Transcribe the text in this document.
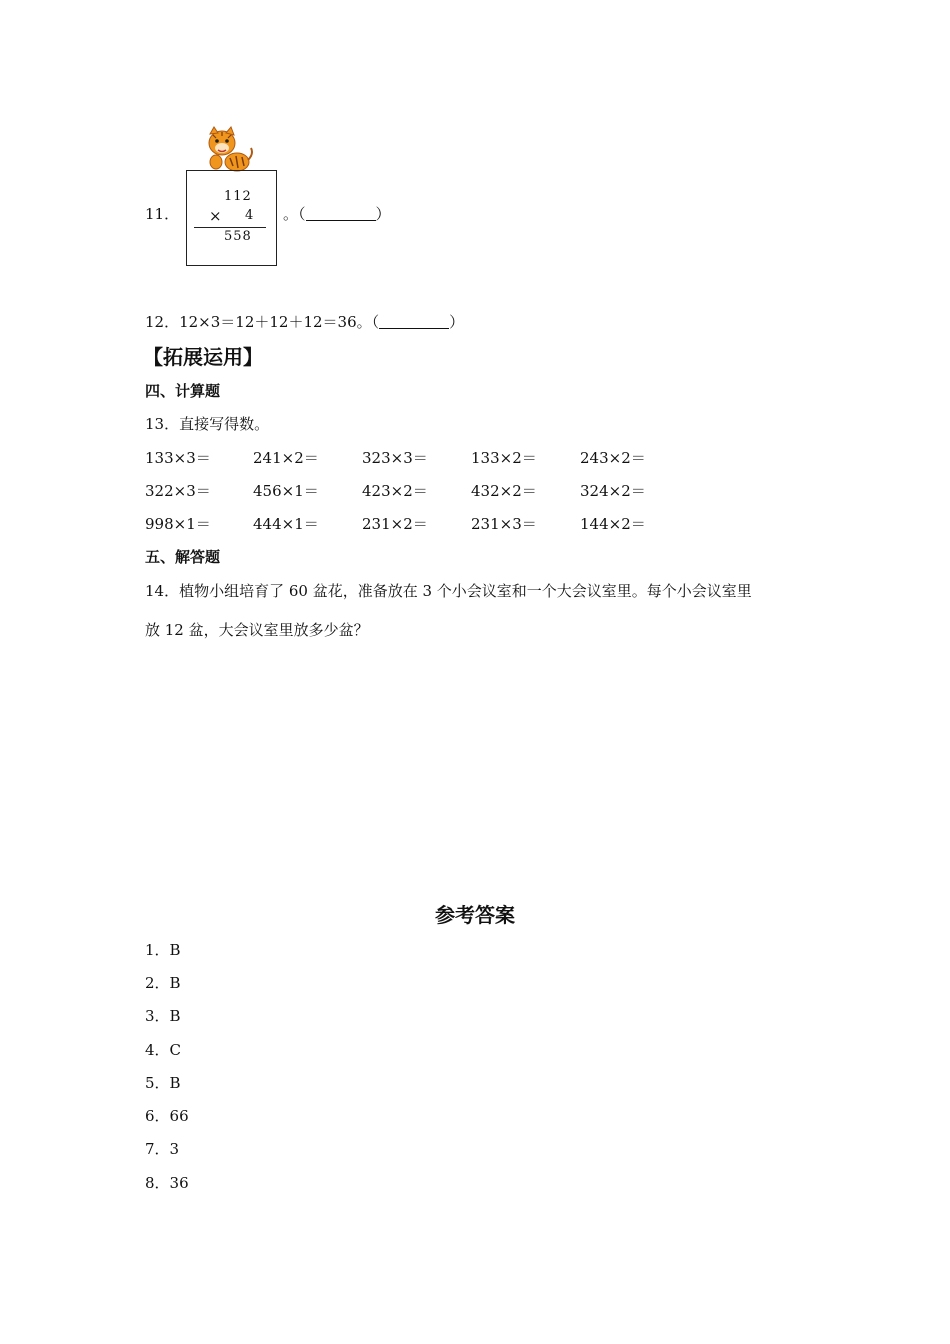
11．
112
× 4
558
。（	）
12．12×3＝12＋12＋12＝36。（	）
【拓展运用】
四、计算题
13．直接写得数。
133×3＝	241×2＝	323×3＝	133×2＝	243×2＝
322×3＝	456×1＝	423×2＝	432×2＝	324×2＝
998×1＝	444×1＝	231×2＝	231×3＝	144×2＝
五、解答题
14．植物小组培育了 60 盆花，准备放在 3 个小会议室和一个大会议室里。每个小会议室里
放 12 盆，大会议室里放多少盆？
参考答案
1．B
2．B
3．B
4．C
5．B
6．66
7．3
8．36
